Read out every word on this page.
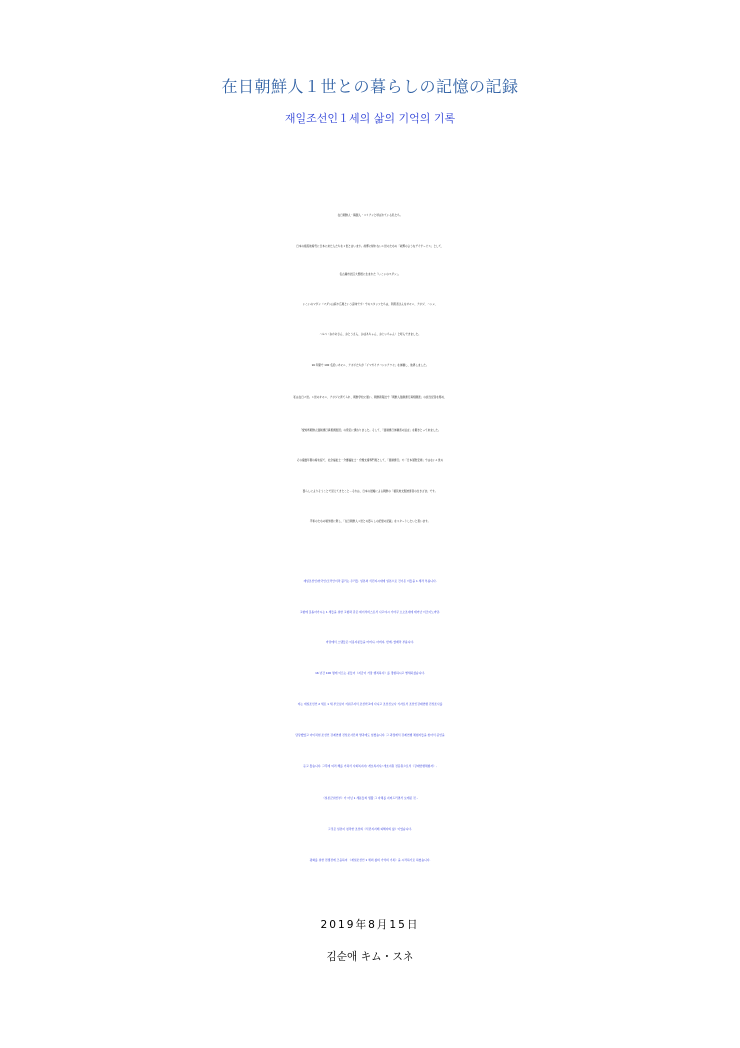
在日朝鮮人１世との暮らしの記憶の記録
재일조선인１세의 삶의 기억의 기록
在日朝鮮人・韓国人・コリアンと呼ばれている私たち。
日本の植民地時代に日本に来た人たちを１世と言います。故郷に帰れない１世のための「故郷のようなデイサービス」として、
名古屋市北区大曽根に生まれた「いこいのマダン」。
いこいのマダン（マダンは庭や広場という意味です）でのスタッフたちは、利用者さんをオモニ、アボジ、ハンメ、
ハルベ（おかあさん、おとうさん、おばあちゃん、おじいちゃん）と呼んできました。
16 年間で 100 名近いオモニ、アボジたちが「イマガイチバンシアワセ」を体験し、他界しました。
私は在日２世。１世のオモニ、アボジに育てられ、朝鮮学校に通い、朝鮮新報社で「朝鮮人強制連行真相調査」の担当記者を務め、
「愛知県朝鮮人強制連行真相調査団」の発足に携わりました。そして、「強制連行体験者の証言」を聴きとって来ました。
その後数年間の時を経て、社会福祉士・介護福祉士・介護支援専門員として、「強制連行」や「日本軍慰安婦」ではない１世の
暮らしによりそうことで見えてきたこと－それは、日本の侵略による朝鮮の「植民地支配被害者の生きざま」です。
平和のための戦争展に際し、｢在日朝鮮人１世との暮らしの記憶の記録」をスタートしたいと思います。
재일조선인/한국인/코리안이라 불리는 우리들. 일본의 식민지시대에 일본으로 건너온 이들을 1 세라 부릅니다.
고향에 못돌아가시는 1 세들을 위한 고향과 같은 데이서비스로서 나고야시 기타쿠 오오조네에 태어난 이코이노마당.
마당에서 스탭들은 이용자분들을 어머니, 아버지, 함매, 할배라 부릅니다.
16 년간 100 명에 이르는 분들이《지금이 가장 행복하다》를 경험하시고 별세하셨습니다.
저는 재일조선인 2 세로 1 세 부모님이 키워주셔서 조선학교에 다니고 조선신보사 기자로서 조선인강제연행 진상조사를
담당했었고 아이치현 조선인 강제연행 진상조사단의 발족에도 힘썼습니다. 그 과정에서 강제연행 체험자들을 찾아서 증언을
듣고 왔습니다. 그후에 여러 해를 거쳐서 사회복지사/ 개호복지사/ 개호지원 전문원으로서《강제연행체험자》,
《일본군위안부》가 아닌 1 세분들의 생활 그 자체를 지켜드리면서 보게된 것 –
그것은 일본이 침략한 조선의《식민지지배 피해자의 삶》이었습니다.
평화를 위한 전쟁전에 즈음하여 《재일조선인 1 세의 삶의 기억의 기록》을 시작하기로 하였습니다.
2019年8月15日
김순애 キム・スネ
